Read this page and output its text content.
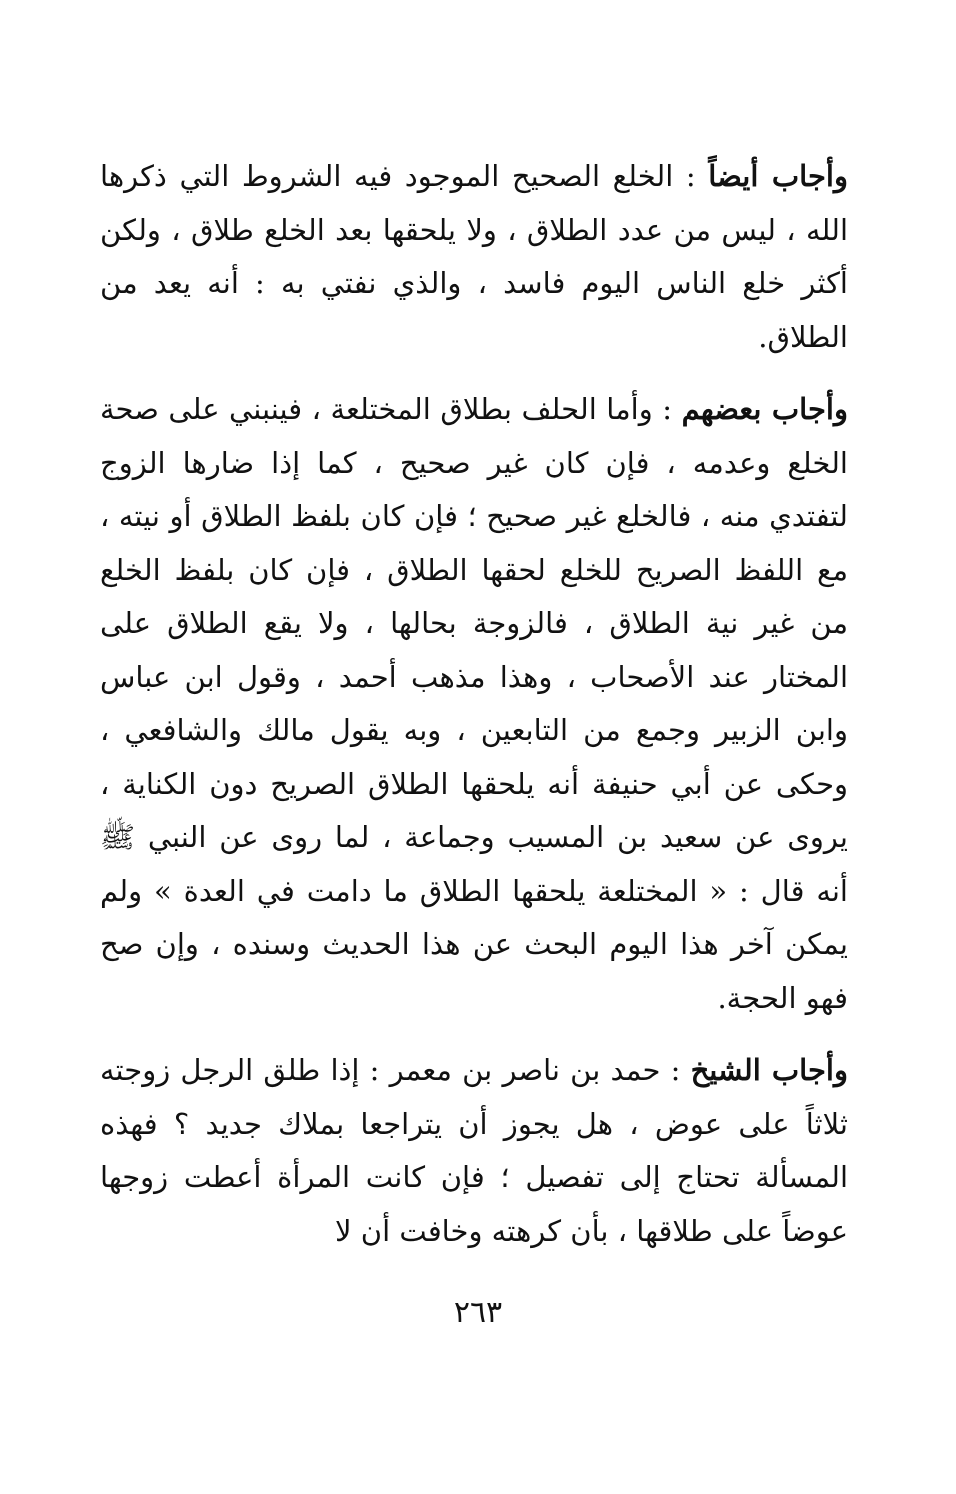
وأجاب أيضاً : الخلع الصحيح الموجود فيه الشروط التي ذكرها الله ، ليس من عدد الطلاق ، ولا يلحقها بعد الخلع طلاق ، ولكن أكثر خلع الناس اليوم فاسد ، والذي نفتي به : أنه يعد من الطلاق.

وأجاب بعضهم : وأما الحلف بطلاق المختلعة ، فينبني على صحة الخلع وعدمه ، فإن كان غير صحيح ، كما إذا ضارها الزوج لتفتدي منه ، فالخلع غير صحيح ؛ فإن كان بلفظ الطلاق أو نيته ، مع اللفظ الصريح للخلع لحقها الطلاق ، فإن كان بلفظ الخلع من غير نية الطلاق ، فالزوجة بحالها ، ولا يقع الطلاق على المختار عند الأصحاب ، وهذا مذهب أحمد ، وقول ابن عباس وابن الزبير وجمع من التابعين ، وبه يقول مالك والشافعي ، وحكى عن أبي حنيفة أنه يلحقها الطلاق الصريح دون الكناية ، يروى عن سعيد بن المسيب وجماعة ، لما روى عن النبي ﷺ أنه قال : « المختلعة يلحقها الطلاق ما دامت في العدة » ولم يمكن آخر هذا اليوم البحث عن هذا الحديث وسنده ، وإن صح فهو الحجة.

وأجاب الشيخ : حمد بن ناصر بن معمر : إذا طلق الرجل زوجته ثلاثاً على عوض ، هل يجوز أن يتراجعا بملاك جديد ؟ فهذه المسألة تحتاج إلى تفصيل ؛ فإن كانت المرأة أعطت زوجها عوضاً على طلاقها ، بأن كرهته وخافت أن لا

٢٦٣
